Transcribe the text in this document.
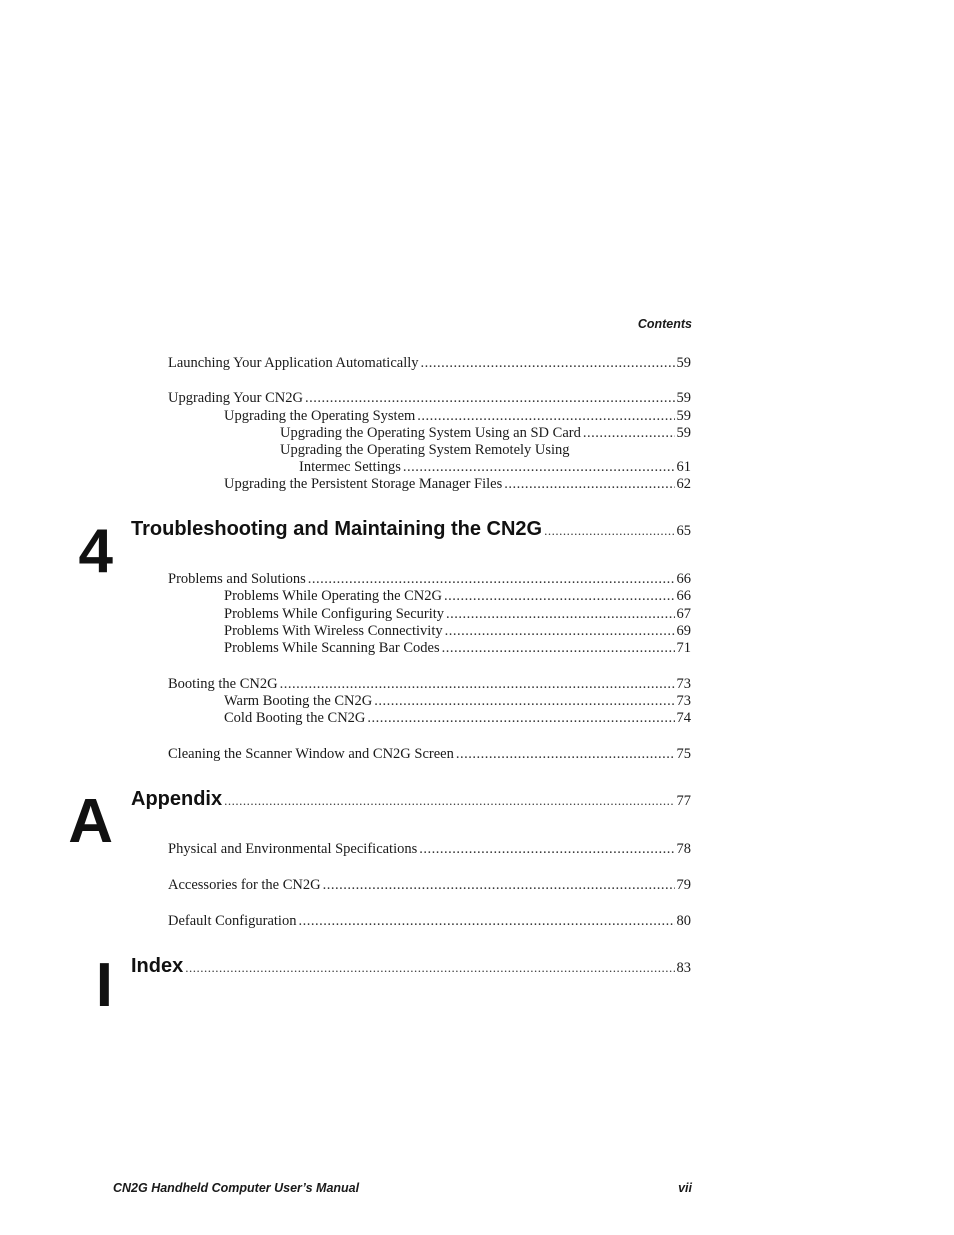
Contents
Launching Your Application Automatically .....	59
Upgrading Your CN2G .....	59
Upgrading the Operating System .....	59
Upgrading the Operating System Using an SD Card .....	59
Upgrading the Operating System Remotely Using
Intermec Settings .....	61
Upgrading the Persistent Storage Manager Files .....	62
4 Troubleshooting and Maintaining the CN2G .....	65
Problems and Solutions .....	66
Problems While Operating the CN2G .....	66
Problems While Configuring Security .....	67
Problems With Wireless Connectivity .....	69
Problems While Scanning Bar Codes .....	71
Booting the CN2G .....	73
Warm Booting the CN2G .....	73
Cold Booting the CN2G .....	74
Cleaning the Scanner Window and CN2G Screen .....	75
A Appendix .....	77
Physical and Environmental Specifications .....	78
Accessories for the CN2G .....	79
Default Configuration .....	80
I Index .....	83
CN2G Handheld Computer User’s Manual	vii
